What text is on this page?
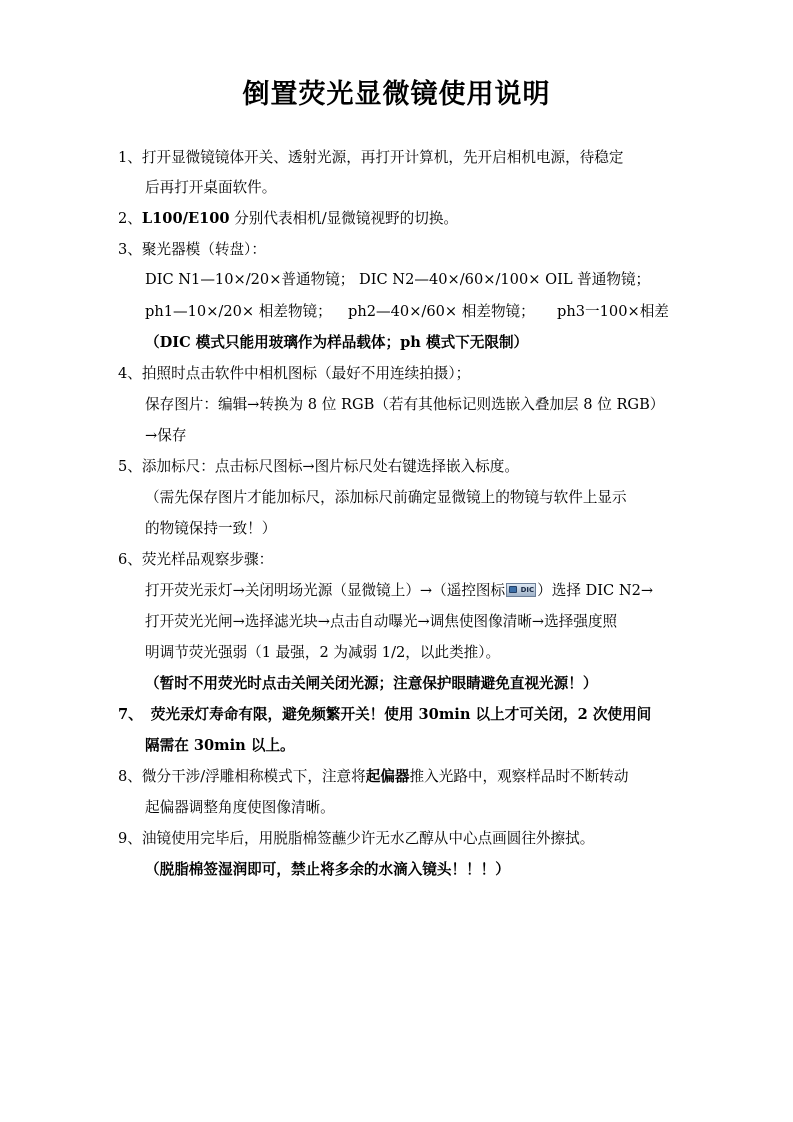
倒置荧光显微镜使用说明
1、打开显微镜镜体开关、透射光源，再打开计算机，先开启相机电源，待稳定
后再打开桌面软件。
2、L100/E100 分别代表相机/显微镜视野的切换。
3、聚光器模（转盘）：
DIC N1—10×/20×普通物镜； DIC N2—40×/60×/100× OIL 普通物镜；
ph1—10×/20× 相差物镜； ph2—40×/60× 相差物镜； ph3一100×相差
（DIC 模式只能用玻璃作为样品载体；ph 模式下无限制）
4、拍照时点击软件中相机图标（最好不用连续拍摄）；
保存图片：编辑→转换为 8 位 RGB（若有其他标记则选嵌入叠加层 8 位 RGB）
→保存
5、添加标尺：点击标尺图标→图片标尺处右键选择嵌入标度。
（需先保存图片才能加标尺，添加标尺前确定显微镜上的物镜与软件上显示
的物镜保持一致！）
6、荧光样品观察步骤：
打开荧光汞灯→关闭明场光源（显微镜上）→（遥控图标 DIC ）选择 DIC N2→
打开荧光光闸→选择滤光块→点击自动曝光→调焦使图像清晰→选择强度照
明调节荧光强弱（1 最强，2 为减弱 1/2，以此类推）。
（暂时不用荧光时点击关闸关闭光源；注意保护眼睛避免直视光源！）
7、 荧光汞灯寿命有限，避免频繁开关！使用 30min 以上才可关闭，2 次使用间
隔需在 30min 以上。
8、微分干涉/浮雕相称模式下，注意将起偏器推入光路中，观察样品时不断转动
起偏器调整角度使图像清晰。
9、油镜使用完毕后，用脱脂棉签蘸少许无水乙醇从中心点画圆往外擦拭。
（脱脂棉签湿润即可，禁止将多余的水滴入镜头！！！）
